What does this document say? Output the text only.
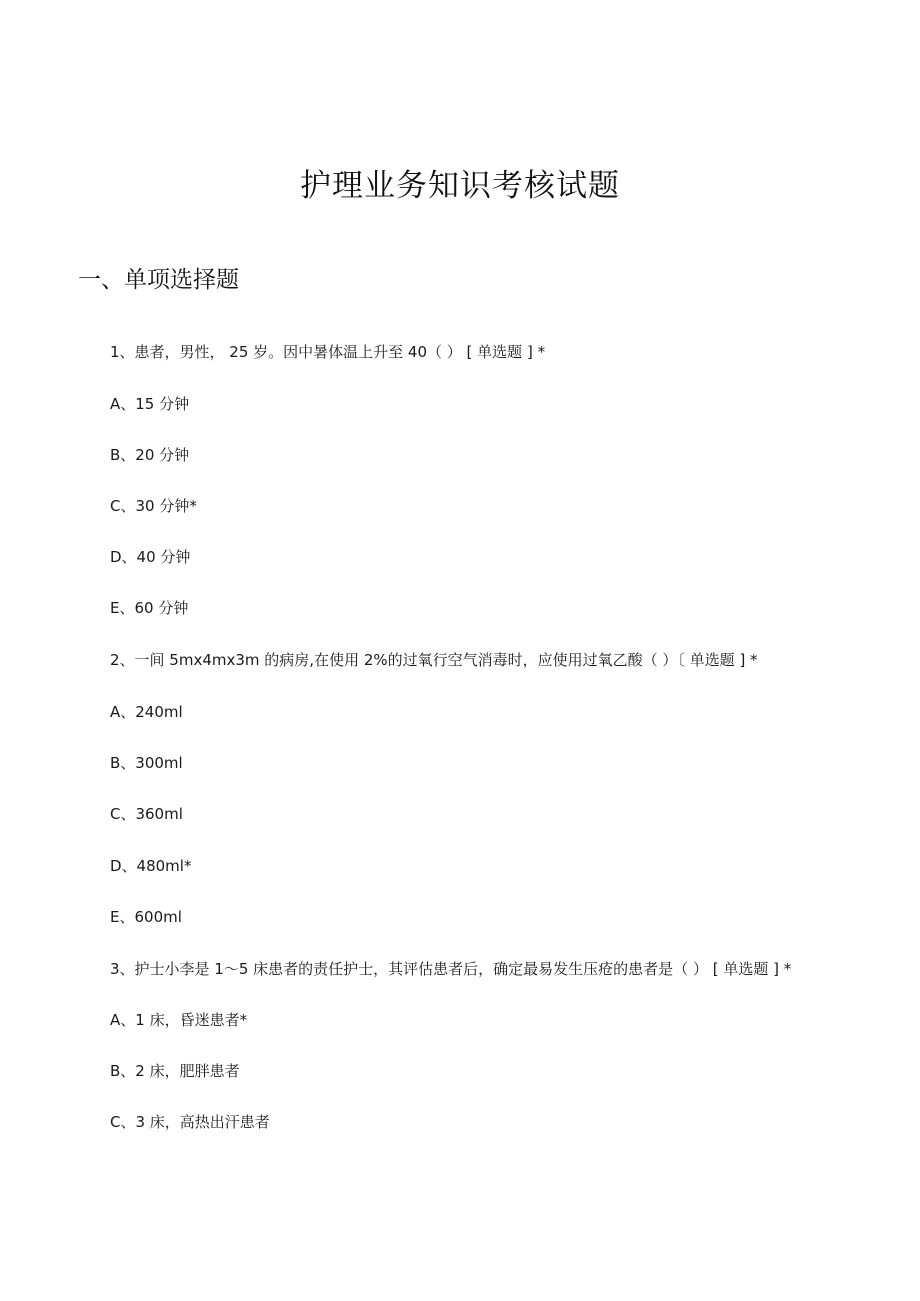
护理业务知识考核试题
一、单项选择题
1、患者，男性， 25 岁。因中暑体温上升至 40（ ） [ 单选题 ] *
A、15 分钟
B、20 分钟
C、30 分钟*
D、40 分钟
E、60 分钟
2、一间 5mx4mx3m 的病房,在使用 2%的过氧行空气消毒时，应使用过氧乙酸（ ）〔 单选题 ] *
A、240ml
B、300ml
C、360ml
D、480ml*
E、600ml
3、护士小李是 1～5 床患者的责任护士，其评估患者后，确定最易发生压疮的患者是（ ） [ 单选题 ] *
A、1 床，昏迷患者*
B、2 床，肥胖患者
C、3 床，高热出汗患者
